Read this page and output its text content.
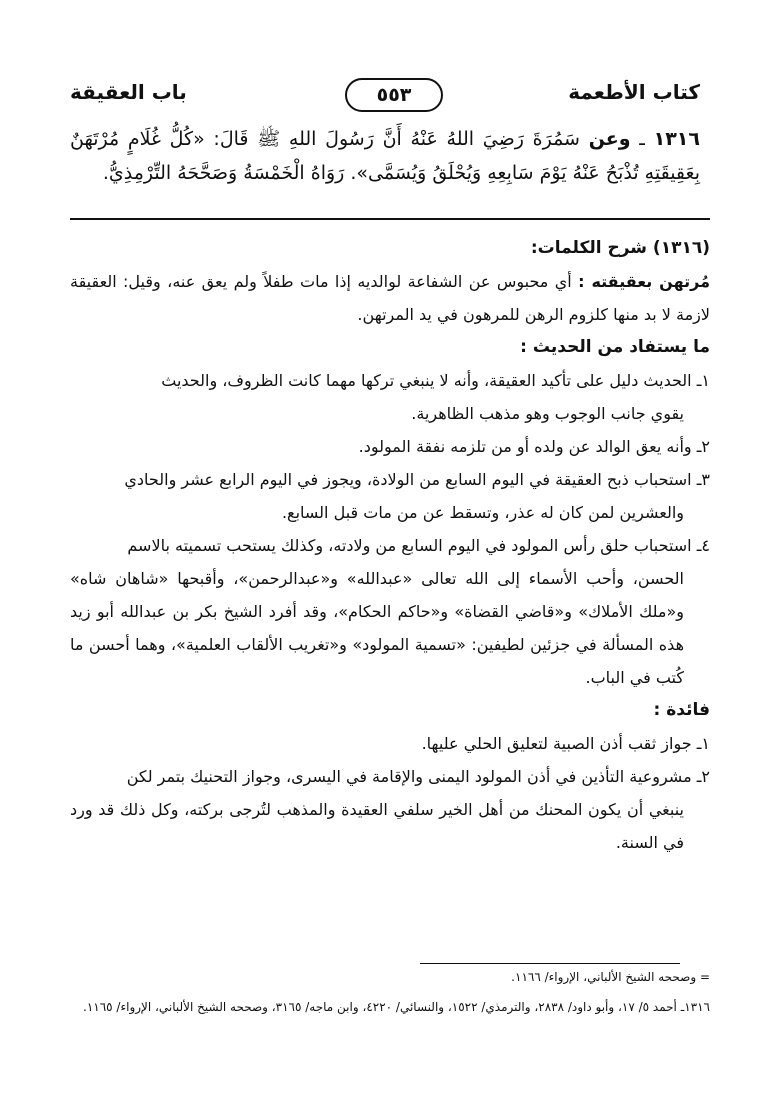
كتاب الأطعمة
٥٥٣
باب العقيقة
١٣١٦ ـ وعن سَمُرَةَ رَضِيَ اللهُ عَنْهُ أَنَّ رَسُولَ اللهِ ﷺ قَالَ: «كُلُّ غُلَامٍ مُرْتَهَنٌ بِعَقِيقَتِهِ تُذْبَحُ عَنْهُ يَوْمَ سَابِعِهِ وَيُحْلَقُ وَيُسَمَّى». رَوَاهُ الْخَمْسَةُ وَصَحَّحَهُ التِّرْمِذِيُّ.

(١٣١٦) شرح الكلمات:

مُرتهن بعقيقته : أي محبوس عن الشفاعة لوالديه إذا مات طفلاً ولم يعق عنه، وقيل: العقيقة لازمة لا بد منها كلزوم الرهن للمرهون في يد المرتهن.

ما يستفاد من الحديث :

١ـ الحديث دليل على تأكيد العقيقة، وأنه لا ينبغي تركها مهما كانت الظروف، والحديث
يقوي جانب الوجوب وهو مذهب الظاهرية.

٢ـ وأنه يعق الوالد عن ولده أو من تلزمه نفقة المولود.

٣ـ استحباب ذبح العقيقة في اليوم السابع من الولادة، ويجوز في اليوم الرابع عشر والحادي
والعشرين لمن كان له عذر، وتسقط عن من مات قبل السابع.

٤ـ استحباب حلق رأس المولود في اليوم السابع من ولادته، وكذلك يستحب تسميته بالاسم
الحسن، وأحب الأسماء إلى الله تعالى «عبدالله» و«عبدالرحمن»، وأقبحها «شاهان شاه» و«ملك الأملاك» و«قاضي القضاة» و«حاكم الحكام»، وقد أفرد الشيخ بكر بن عبدالله أبو زيد هذه المسألة في جزئين لطيفين: «تسمية المولود» و«تغريب الألقاب العلمية»، وهما أحسن ما كُتب في الباب.

فائدة :

١ـ جواز ثقب أذن الصبية لتعليق الحلي عليها.

٢ـ مشروعية التأذين في أذن المولود اليمنى والإقامة في اليسرى، وجواز التحنيك بتمر لكن
ينبغي أن يكون المحنك من أهل الخير سلفي العقيدة والمذهب لتُرجى بركته، وكل ذلك قد ورد في السنة.

= وصححه الشيخ الألباني، الإرواء/ ١١٦٦.
١٣١٦ـ أحمد ٥/ ١٧، وأبو داود/ ٢٨٣٨، والترمذي/ ١٥٢٢، والنسائي/ ٤٢٢٠، وابن ماجه/ ٣١٦٥، وصححه الشيخ الألباني، الإرواء/ ١١٦٥.
